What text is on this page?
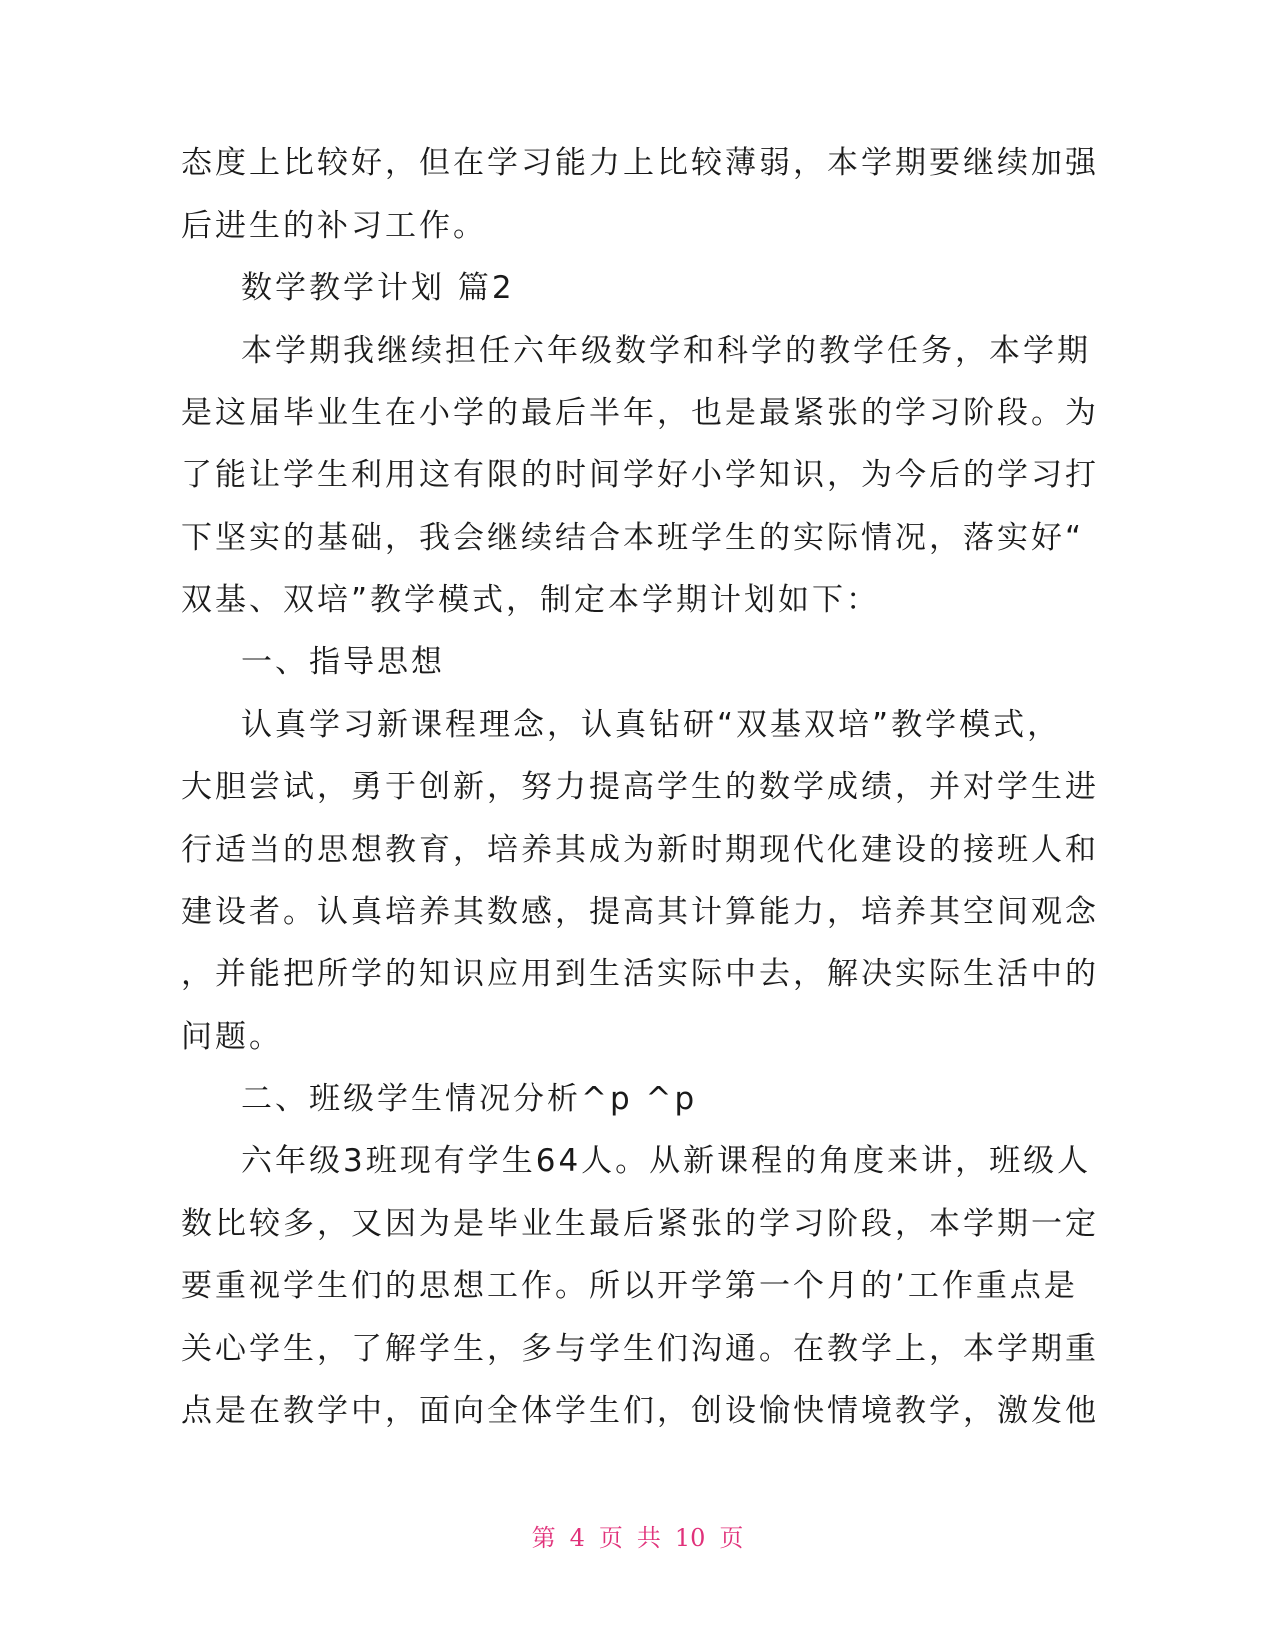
态度上比较好，但在学习能力上比较薄弱，本学期要继续加强
后进生的补习工作。
数学教学计划 篇2
本学期我继续担任六年级数学和科学的教学任务，本学期
是这届毕业生在小学的最后半年，也是最紧张的学习阶段。为
了能让学生利用这有限的时间学好小学知识，为今后的学习打
下坚实的基础，我会继续结合本班学生的实际情况，落实好“
双基、双培”教学模式，制定本学期计划如下：
一、指导思想
认真学习新课程理念，认真钻研“双基双培”教学模式，
大胆尝试，勇于创新，努力提高学生的数学成绩，并对学生进
行适当的思想教育，培养其成为新时期现代化建设的接班人和
建设者。认真培养其数感，提高其计算能力，培养其空间观念
，并能把所学的知识应用到生活实际中去，解决实际生活中的
问题。
二、班级学生情况分析^p ^p
六年级3班现有学生64人。从新课程的角度来讲，班级人
数比较多，又因为是毕业生最后紧张的学习阶段，本学期一定
要重视学生们的思想工作。所以开学第一个月的’工作重点是
关心学生，了解学生，多与学生们沟通。在教学上，本学期重
点是在教学中，面向全体学生们，创设愉快情境教学，激发他
第 4 页 共 10 页
